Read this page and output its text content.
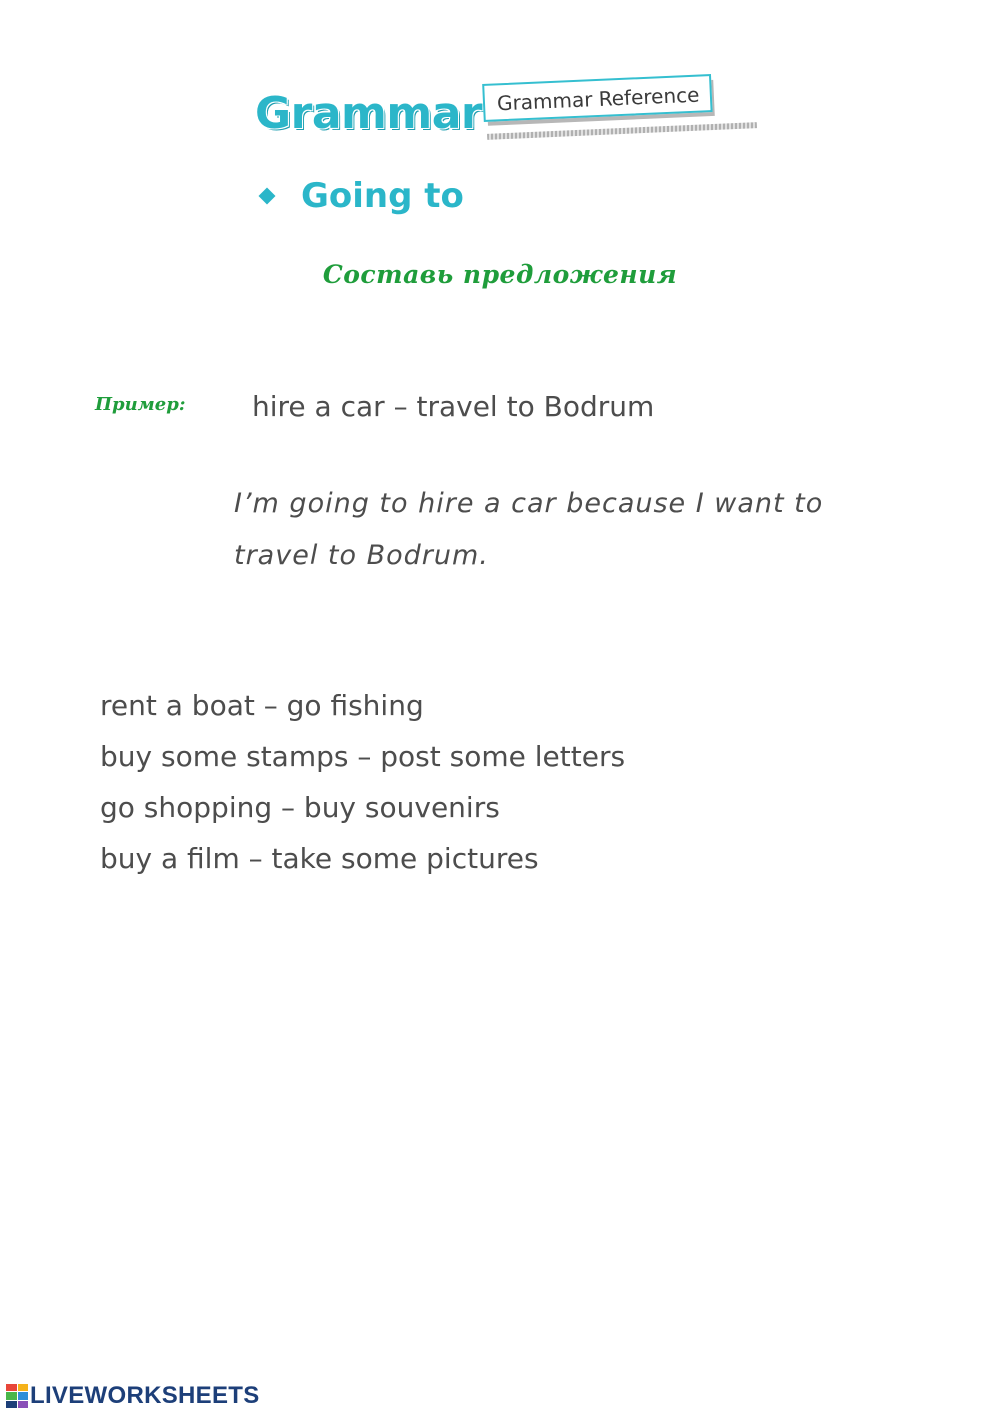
Grammar Grammar Reference
Going to
Составь предложения
Пример: hire a car – travel to Bodrum
I’m going to hire a car because I want to
travel to Bodrum.
rent a boat – go fishing
buy some stamps – post some letters
go shopping – buy souvenirs
buy a film – take some pictures
LIVEWORKSHEETS
